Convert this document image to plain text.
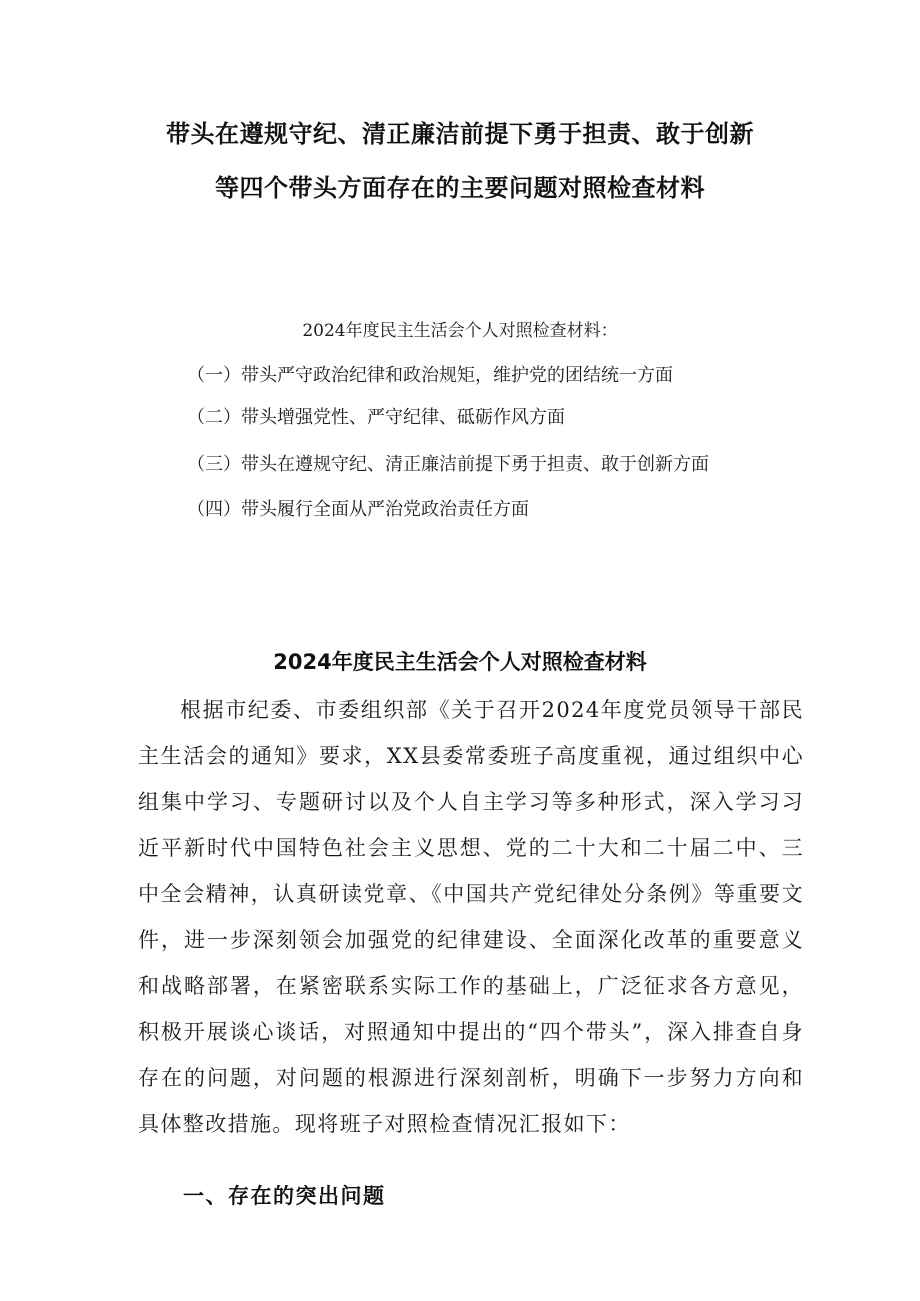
带头在遵规守纪、清正廉洁前提下勇于担责、敢于创新
等四个带头方面存在的主要问题对照检查材料
2024年度民主生活会个人对照检查材料：
（一）带头严守政治纪律和政治规矩，维护党的团结统一方面
（二）带头增强党性、严守纪律、砥砺作风方面
（三）带头在遵规守纪、清正廉洁前提下勇于担责、敢于创新方面
（四）带头履行全面从严治党政治责任方面
2024年度民主生活会个人对照检查材料

根据市纪委、市委组织部《关于召开2024年度党员领导干部民主生活会的通知》要求，XX县委常委班子高度重视，通过组织中心组集中学习、专题研讨以及个人自主学习等多种形式，深入学习习近平新时代中国特色社会主义思想、党的二十大和二十届二中、三中全会精神，认真研读党章、《中国共产党纪律处分条例》等重要文件，进一步深刻领会加强党的纪律建设、全面深化改革的重要意义和战略部署，在紧密联系实际工作的基础上，广泛征求各方意见，积极开展谈心谈话，对照通知中提出的“四个带头”，深入排查自身存在的问题，对问题的根源进行深刻剖析，明确下一步努力方向和具体整改措施。现将班子对照检查情况汇报如下：

一、存在的突出问题
